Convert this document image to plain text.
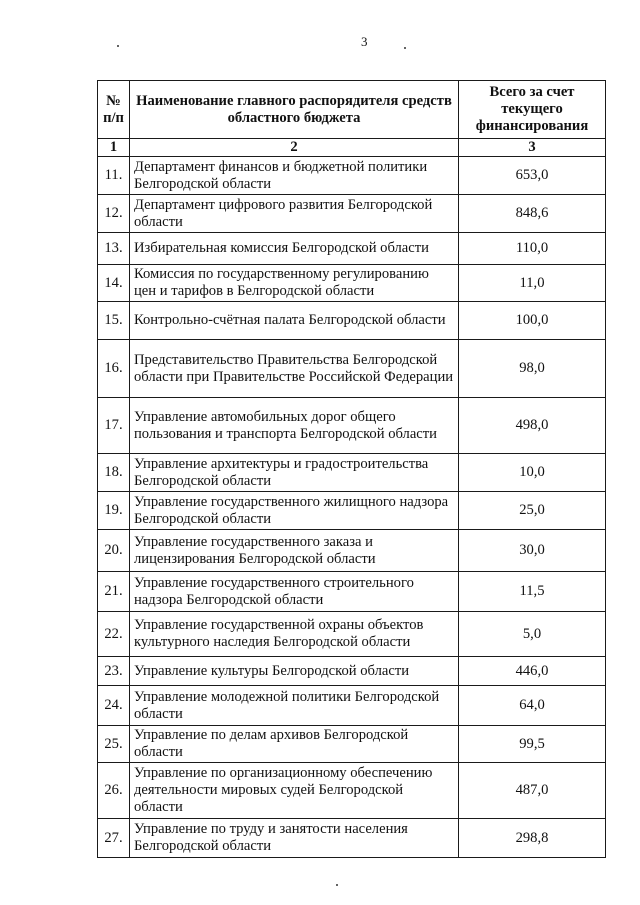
3
№ п/п	Наименование главного распорядителя средств областного бюджета	Всего за счет текущего финансирования
1	2	3
11.	Департамент финансов и бюджетной политики Белгородской области	653,0
12.	Департамент цифрового развития Белгородской области	848,6
13.	Избирательная комиссия Белгородской области	110,0
14.	Комиссия по государственному регулированию цен и тарифов в Белгородской области	11,0
15.	Контрольно-счётная палата Белгородской области	100,0
16.	Представительство Правительства Белгородской области при Правительстве Российской Федерации	98,0
17.	Управление автомобильных дорог общего пользования и транспорта Белгородской области	498,0
18.	Управление архитектуры и градостроительства Белгородской области	10,0
19.	Управление государственного жилищного надзора Белгородской области	25,0
20.	Управление государственного заказа и лицензирования Белгородской области	30,0
21.	Управление государственного строительного надзора Белгородской области	11,5
22.	Управление государственной охраны объектов культурного наследия Белгородской области	5,0
23.	Управление культуры Белгородской области	446,0
24.	Управление молодежной политики Белгородской области	64,0
25.	Управление по делам архивов Белгородской области	99,5
26.	Управление по организационному обеспечению деятельности мировых судей Белгородской области	487,0
27.	Управление по труду и занятости населения Белгородской области	298,8
